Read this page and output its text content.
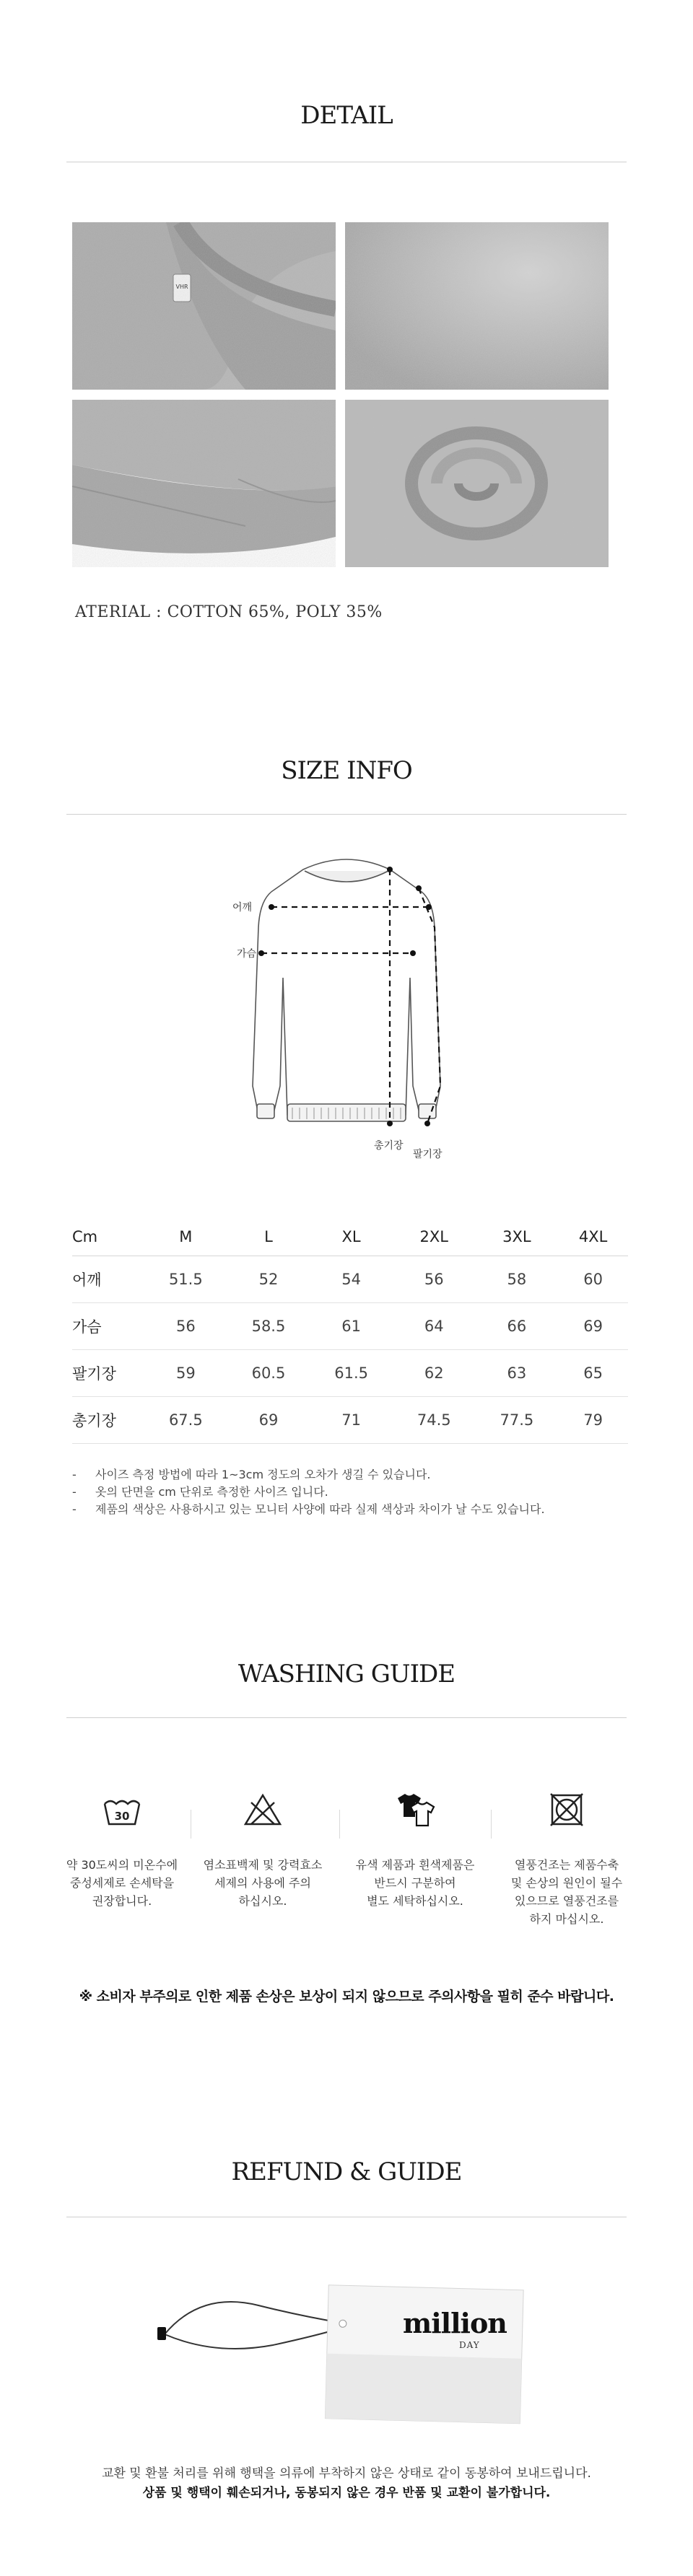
DETAIL
ATERIAL : COTTON 65%, POLY 35%
SIZE INFO
어깨
가슴
총기장
팔기장
Cm	M	L	XL	2XL	3XL	4XL
어깨	51.5	52	54	56	58	60
가슴	56	58.5	61	64	66	69
팔기장	59	60.5	61.5	62	63	65
총기장	67.5	69	71	74.5	77.5	79
- 사이즈 측정 방법에 따라 1~3cm 정도의 오차가 생길 수 있습니다.
- 옷의 단면을 cm 단위로 측정한 사이즈 입니다.
- 제품의 색상은 사용하시고 있는 모니터 사양에 따라 실제 색상과 차이가 날 수도 있습니다.
WASHING GUIDE
30
약 30도씨의 미온수에
중성세제로 손세탁을
권장합니다.
염소표백제 및 강력효소
세제의 사용에 주의
하십시오.
유색 제품과 흰색제품은
반드시 구분하여
별도 세탁하십시오.
열풍건조는 제품수축
및 손상의 원인이 될수
있으므로 열풍건조를
하지 마십시오.
※ 소비자 부주의로 인한 제품 손상은 보상이 되지 않으므로 주의사항을 필히 준수 바랍니다.
REFUND & GUIDE
million
DAY
교환 및 환불 처리를 위해 행택을 의류에 부착하지 않은 상태로 같이 동봉하여 보내드립니다.
상품 및 행택이 훼손되거나, 동봉되지 않은 경우 반품 및 교환이 불가합니다.
